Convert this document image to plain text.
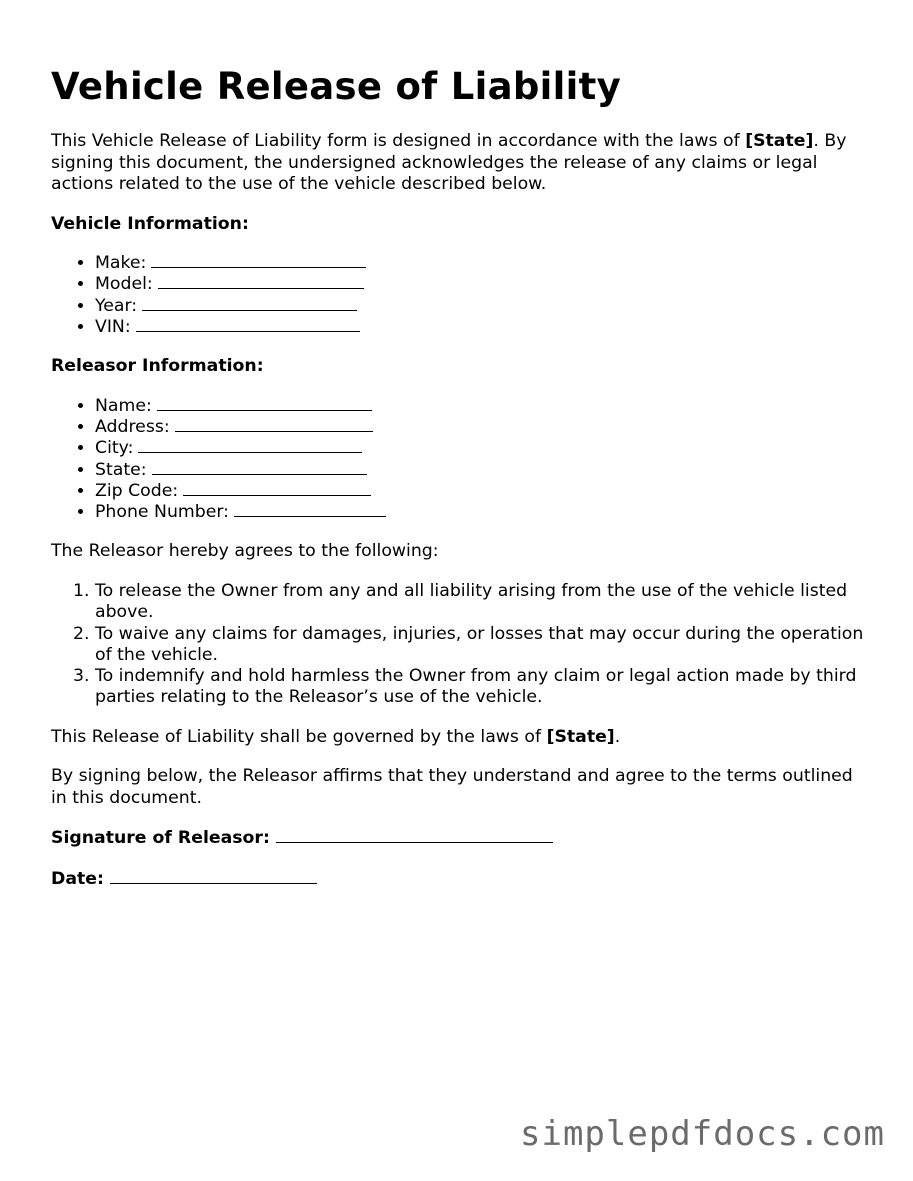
Vehicle Release of Liability

This Vehicle Release of Liability form is designed in accordance with the laws of [State]. By signing this document, the undersigned acknowledges the release of any claims or legal actions related to the use of the vehicle described below.

Vehicle Information:

• Make:
• Model:
• Year:
• VIN:

Releasor Information:

• Name:
• Address:
• City:
• State:
• Zip Code:
• Phone Number:

The Releasor hereby agrees to the following:

1. To release the Owner from any and all liability arising from the use of the vehicle listed above.
2. To waive any claims for damages, injuries, or losses that may occur during the operation of the vehicle.
3. To indemnify and hold harmless the Owner from any claim or legal action made by third parties relating to the Releasor’s use of the vehicle.

This Release of Liability shall be governed by the laws of [State].

By signing below, the Releasor affirms that they understand and agree to the terms outlined in this document.

Signature of Releasor:

Date:

simplepdfdocs.com
